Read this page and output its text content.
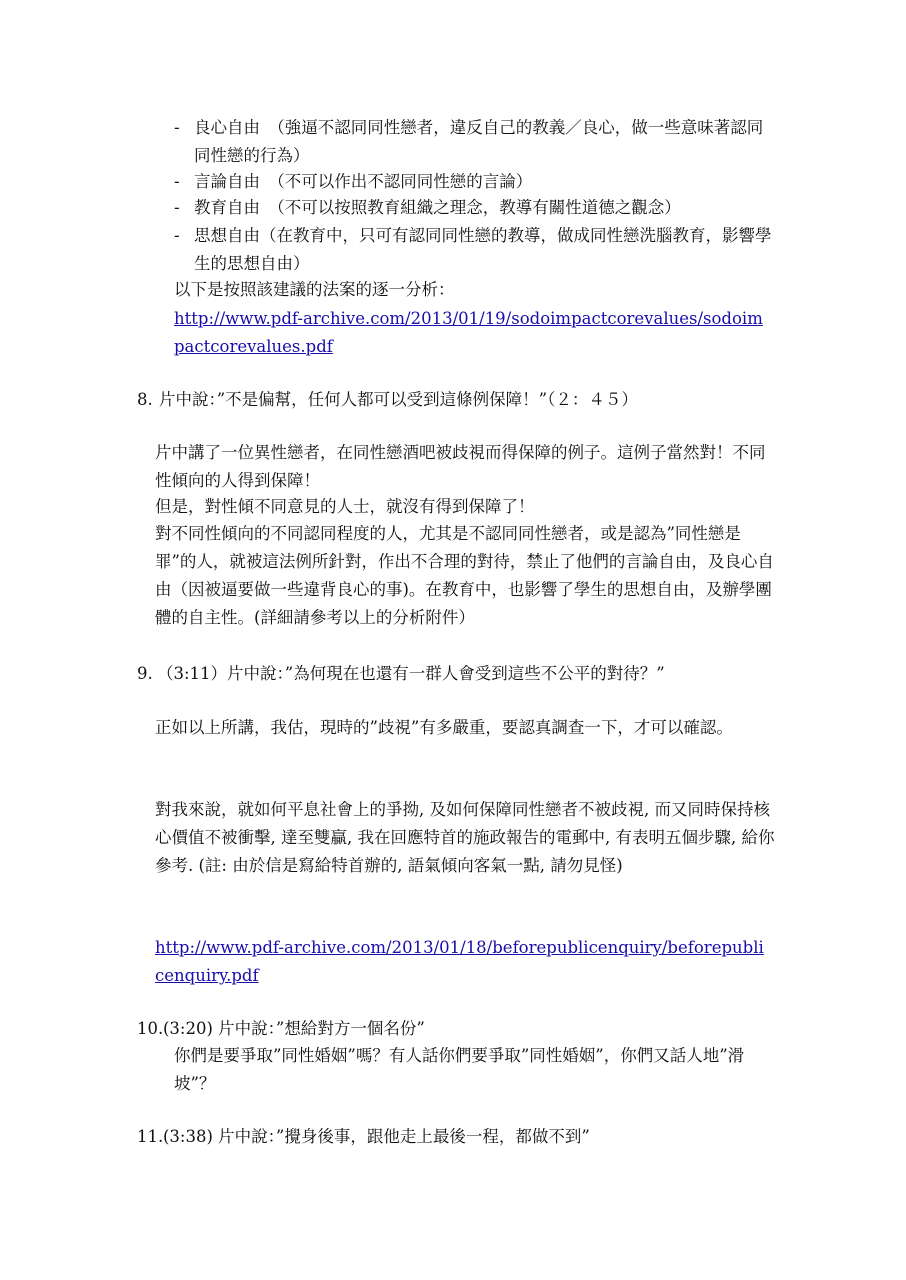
- 良心自由　（強逼不認同同性戀者，違反自己的教義／良心，做一些意味著認同同性戀的行為）
- 言論自由　（不可以作出不認同同性戀的言論）
- 教育自由　（不可以按照教育組織之理念，教導有關性道德之觀念）
- 思想自由（在教育中，只可有認同同性戀的教導，做成同性戀洗腦教育，影響學生的思想自由）

以下是按照該建議的法案的逐一分析：

http://www.pdf-archive.com/2013/01/19/sodoimpactcorevalues/sodoimpactcorevalues.pdf
8. 片中說：”不是偏幫，任何人都可以受到這條例保障！”（２：４５）

片中講了一位異性戀者，在同性戀酒吧被歧視而得保障的例子。這例子當然對！不同性傾向的人得到保障！

但是，對性傾不同意見的人士，就沒有得到保障了！

對不同性傾向的不同認同程度的人，尤其是不認同同性戀者，或是認為”同性戀是罪”的人，就被這法例所針對，作出不合理的對待，禁止了他們的言論自由，及良心自由（因被逼要做一些違背良心的事)。在教育中，也影響了學生的思想自由，及辦學團體的自主性。(詳細請參考以上的分析附件）

9. （3:11）片中說：”為何現在也還有一群人會受到這些不公平的對待？”

正如以上所講，我估，現時的”歧視”有多嚴重，要認真調查一下，才可以確認。

對我來說，就如何平息社會上的爭拗, 及如何保障同性戀者不被歧視, 而又同時保持核心價值不被衝擊, 達至雙贏, 我在回應特首的施政報告的電郵中, 有表明五個步驟, 給你參考. (註: 由於信是寫給特首辦的, 語氣傾向客氣一點, 請勿見怪)

http://www.pdf-archive.com/2013/01/18/beforepublicenquiry/beforepublicenquiry.pdf
10. (3:20) 片中說：”想給對方一個名份”

你們是要爭取”同性婚姻”嗎？有人話你們要爭取”同性婚姻”，你們又話人地”滑坡”？

11. (3:38) 片中說：”攪身後事，跟他走上最後一程，都做不到”
